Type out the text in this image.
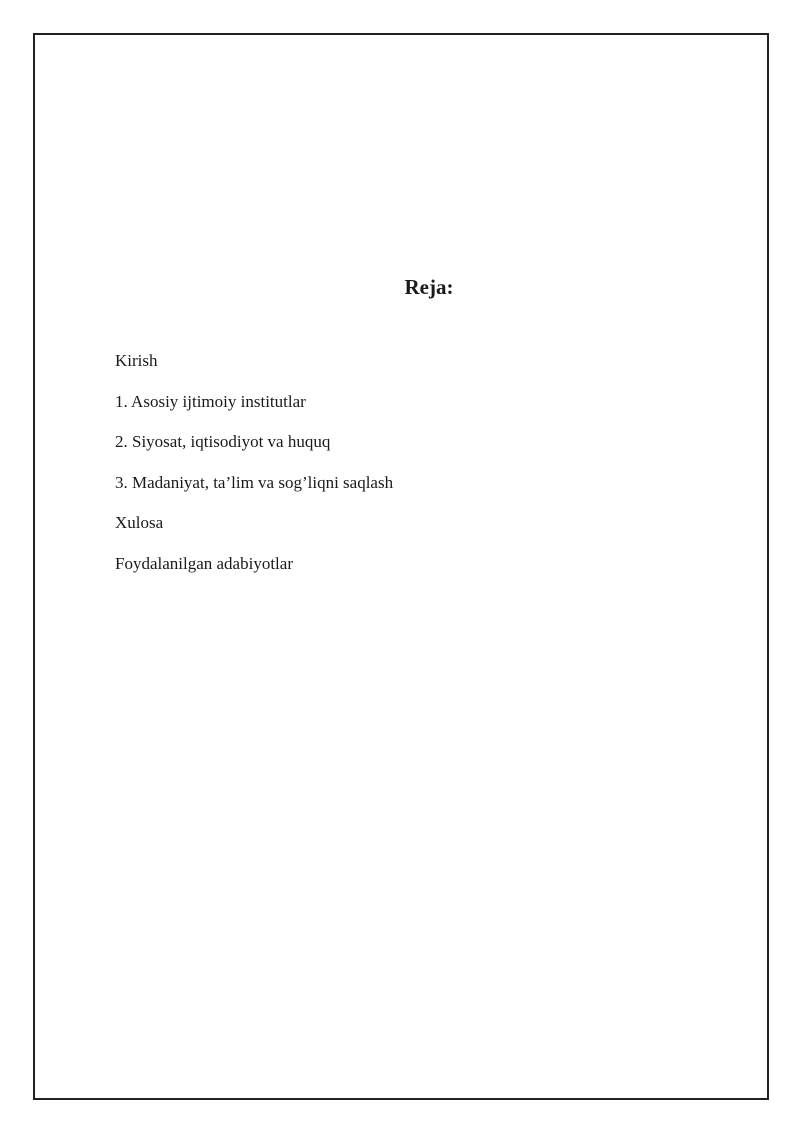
Reja:
Kirish
1. Asosiy ijtimoiy institutlar
2. Siyosat, iqtisodiyot va huquq
3. Madaniyat, ta’lim va sog’liqni saqlash
Xulosa
Foydalanilgan adabiyotlar
